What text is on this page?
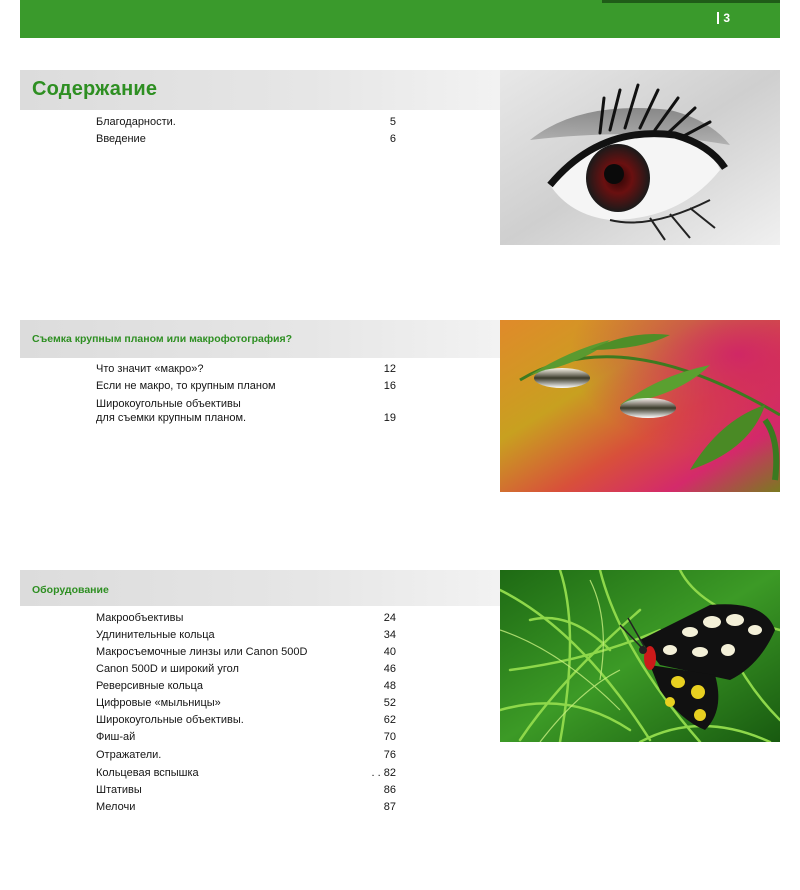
3
Содержание
Благодарности.	5
Введение	6
Съемка крупным планом или макрофотография?
Что значит «макро»?	12
Если не макро, то крупным планом	16
Широкоугольные объективы
для съемки крупным планом.	19
Оборудование
Макрообъективы	24
Удлинительные кольца	34
Макросъемочные линзы или Canon 500D	40
Canon 500D и широкий угол	46
Реверсивные кольца	48
Цифровые «мыльницы»	52
Широкоугольные объективы.	62
Фиш-ай	70
Отражатели.	76
Кольцевая вспышка	. . 82
Штативы	86
Мелочи	87
